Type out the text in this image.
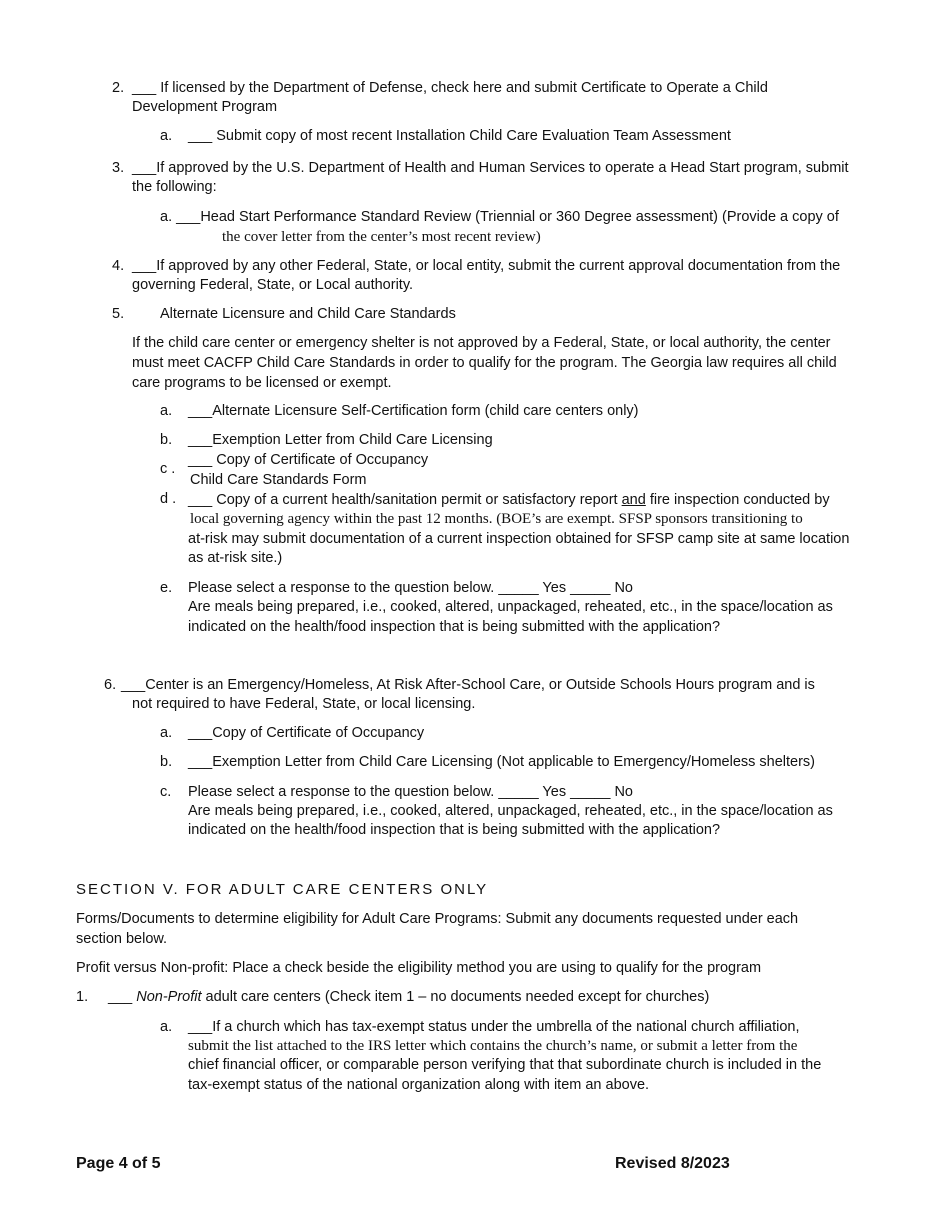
2. ___ If licensed by the Department of Defense, check here and submit Certificate to Operate a Child
Development Program
a. ___ Submit copy of most recent Installation Child Care Evaluation Team Assessment
3. ___If approved by the U.S. Department of Health and Human Services to operate a Head Start program, submit
the following:
a. ___Head Start Performance Standard Review (Triennial or 360 Degree assessment) (Provide a copy of
the cover letter from the center’s most recent review)
4. ___If approved by any other Federal, State, or local entity, submit the current approval documentation from the
governing Federal, State, or Local authority.
5. Alternate Licensure and Child Care Standards
If the child care center or emergency shelter is not approved by a Federal, State, or local authority, the center
must meet CACFP Child Care Standards in order to qualify for the program. The Georgia law requires all child
care programs to be licensed or exempt.
a. ___Alternate Licensure Self-Certification form (child care centers only)
b. ___Exemption Letter from Child Care Licensing
c .
___ Copy of Certificate of Occupancy
Child Care Standards Form
d . ___ Copy of a current health/sanitation permit or satisfactory report and fire inspection conducted by
local governing agency within the past 12 months. (BOE’s are exempt. SFSP sponsors transitioning to
at-risk may submit documentation of a current inspection obtained for SFSP camp site at same location
as at-risk site.)
e. Please select a response to the question below. _____ Yes _____ No
Are meals being prepared, i.e., cooked, altered, unpackaged, reheated, etc., in the space/location as
indicated on the health/food inspection that is being submitted with the application?
6. ___Center is an Emergency/Homeless, At Risk After-School Care, or Outside Schools Hours program and is
not required to have Federal, State, or local licensing.
a. ___Copy of Certificate of Occupancy
b. ___Exemption Letter from Child Care Licensing (Not applicable to Emergency/Homeless shelters)
c. Please select a response to the question below. _____ Yes _____ No
Are meals being prepared, i.e., cooked, altered, unpackaged, reheated, etc., in the space/location as
indicated on the health/food inspection that is being submitted with the application?
SECTION V. FOR ADULT CARE CENTERS ONLY
Forms/Documents to determine eligibility for Adult Care Programs: Submit any documents requested under each
section below.
Profit versus Non-profit: Place a check beside the eligibility method you are using to qualify for the program
1. ___ Non-Profit adult care centers (Check item 1 – no documents needed except for churches)
a. ___If a church which has tax-exempt status under the umbrella of the national church affiliation,
submit the list attached to the IRS letter which contains the church’s name, or submit a letter from the
chief financial officer, or comparable person verifying that that subordinate church is included in the
tax-exempt status of the national organization along with item an above.
Page 4 of 5	Revised 8/2023
